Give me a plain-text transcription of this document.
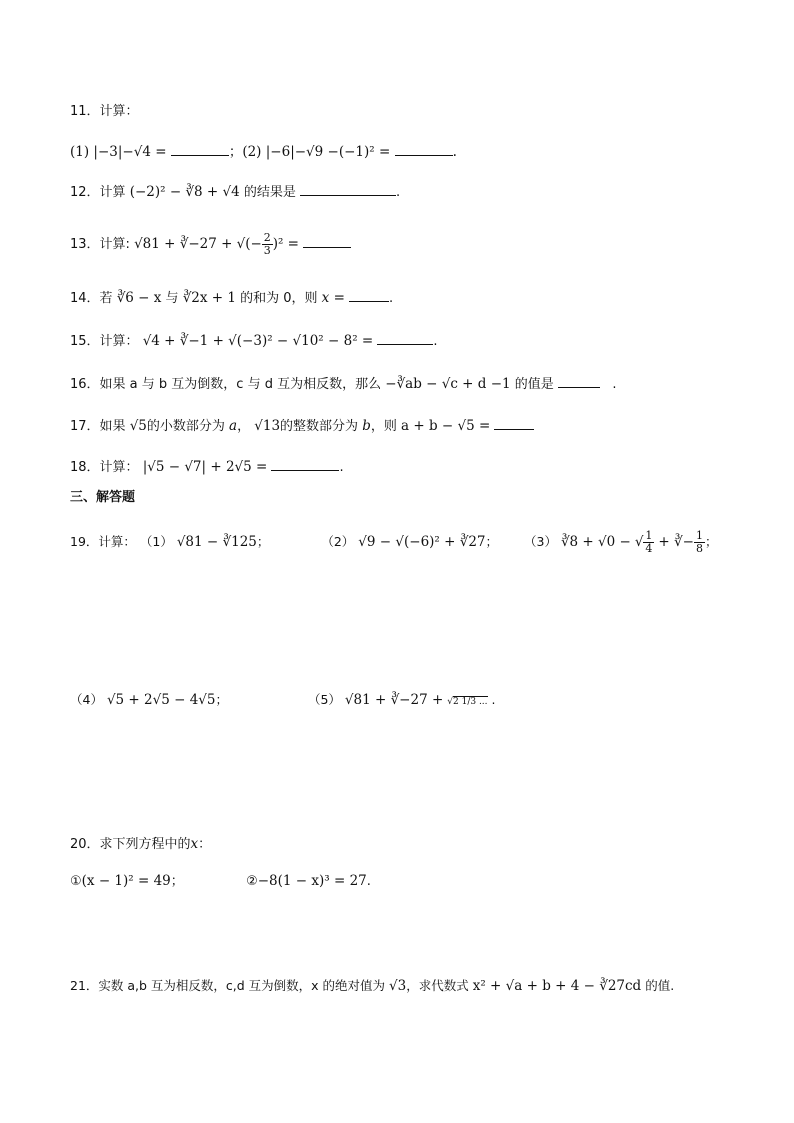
11．计算：
(1) |−3|−√4 =	；(2) |−6|−√9 −(−1)² =	.
12．计算 (−2)² − ∛8 + √4 的结果是	.
13．计算: √81 + ∛−27 + √(− $\frac{2}{3} )^2$ =
14．若 ∛6 − x 与 ∛2x + 1 的和为 0，则 x =	.
15．计算： √4 + ∛−1 + √(−3)² − √10² − 8² =	.
16．如果 a 与 b 互为倒数，c 与 d 互为相反数，那么 −∛ab − √c + d −1 的值是	.
17．如果 √5的小数部分为 a， √13的整数部分为 b，则 a + b − √5 =
18．计算： |√5 − √7| + 2√5 =	.
三、解答题
19．计算： （1） √81 − ∛125；	（2） √9 − √(−6)² + ∛27； （3） ∛8 + √0 − √ $\frac{1}{4}$ + ∛− $\frac{1}{8}$ ；
（4） √5 + 2√5 − 4√5；	（5） √81 + ∛−27 + √2 1/3 ... .
20．求下列方程中的x：
①(x − 1)² = 49；	②−8(1 − x)³ = 27.
21．实数 a,b 互为相反数，c,d 互为倒数，x 的绝对值为 √3，求代数式 x² + √a + b + 4 − ∛27cd 的值.
